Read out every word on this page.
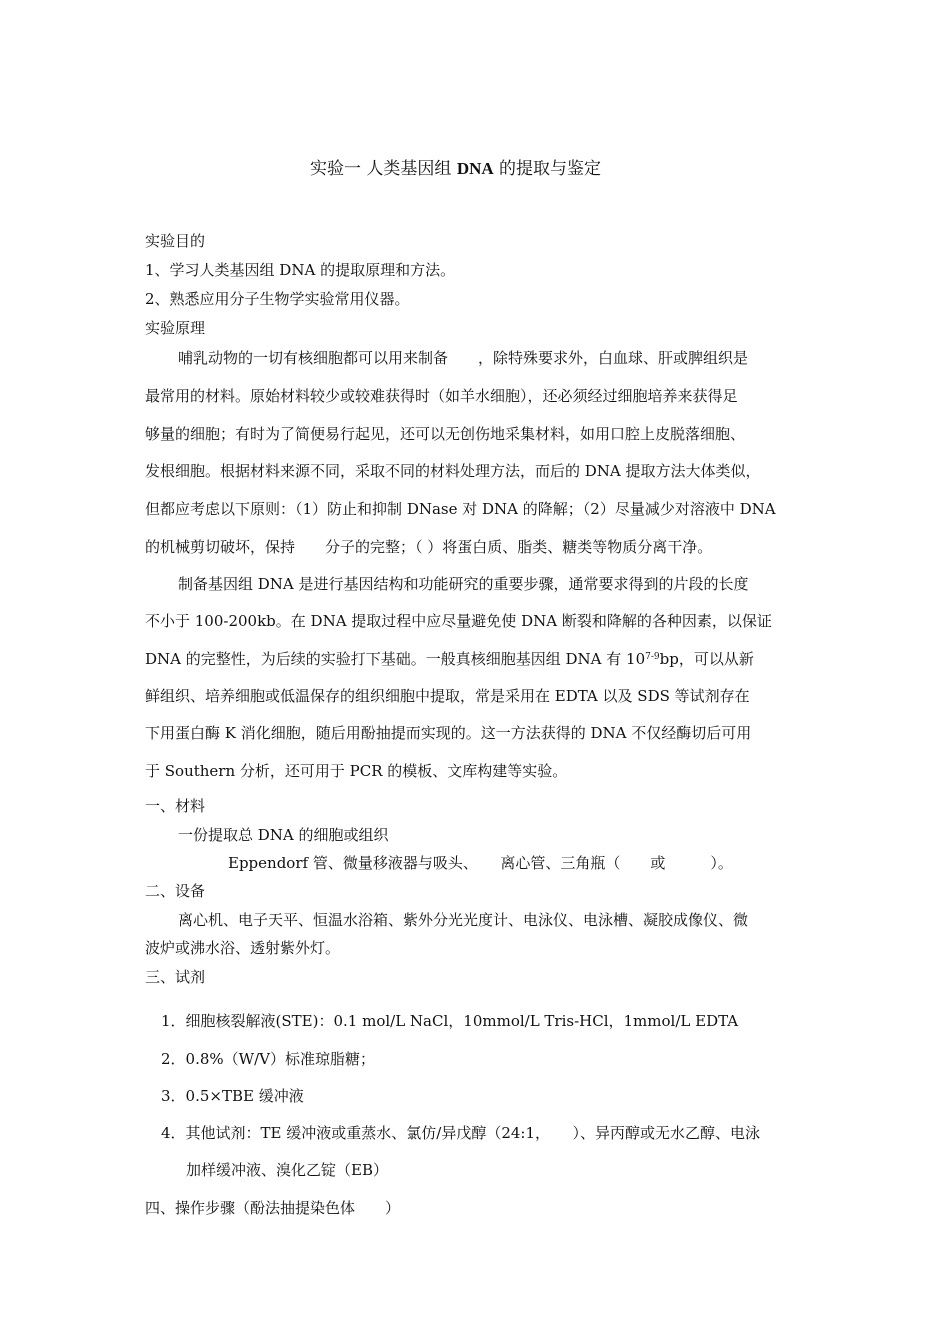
实验一 人类基因组 DNA 的提取与鉴定
实验目的
1、学习人类基因组 DNA 的提取原理和方法。
2、熟悉应用分子生物学实验常用仪器。
实验原理
哺乳动物的一切有核细胞都可以用来制备　　，除特殊要求外，白血球、肝或脾组织是
最常用的材料。原始材料较少或较难获得时（如羊水细胞），还必须经过细胞培养来获得足
够量的细胞；有时为了简便易行起见，还可以无创伤地采集材料，如用口腔上皮脱落细胞、
发根细胞。根据材料来源不同，采取不同的材料处理方法，而后的 DNA 提取方法大体类似，
但都应考虑以下原则：（1）防止和抑制 DNase 对 DNA 的降解；（2）尽量减少对溶液中 DNA
的机械剪切破坏，保持　　分子的完整；（ ）将蛋白质、脂类、糖类等物质分离干净。
制备基因组 DNA 是进行基因结构和功能研究的重要步骤，通常要求得到的片段的长度
不小于 100-200kb。在 DNA 提取过程中应尽量避免使 DNA 断裂和降解的各种因素，以保证
DNA 的完整性，为后续的实验打下基础。一般真核细胞基因组 DNA 有 10$^{7-9}$bp，可以从新
鲜组织、培养细胞或低温保存的组织细胞中提取，常是采用在 EDTA 以及 SDS 等试剂存在
下用蛋白酶 K 消化细胞，随后用酚抽提而实现的。这一方法获得的 DNA 不仅经酶切后可用
于 Southern 分析，还可用于 PCR 的模板、文库构建等实验。
一、材料
一份提取总 DNA 的细胞或组织
Eppendorf 管、微量移液器与吸头、　　离心管、三角瓶（　　或　　　）。
二、设备
离心机、电子天平、恒温水浴箱、紫外分光光度计、电泳仪、电泳槽、凝胶成像仪、微
波炉或沸水浴、透射紫外灯。
三、试剂
1．细胞核裂解液(STE)：0.1 mol/L NaCl，10mmol/L Tris-HCl，1mmol/L EDTA
2．0.8%（W/V）标准琼脂糖；
3．0.5×TBE 缓冲液
4．其他试剂：TE 缓冲液或重蒸水、氯仿/异戊醇（24:1，　　）、异丙醇或无水乙醇、电泳
加样缓冲液、溴化乙锭（EB）
四、操作步骤（酚法抽提染色体　　）
